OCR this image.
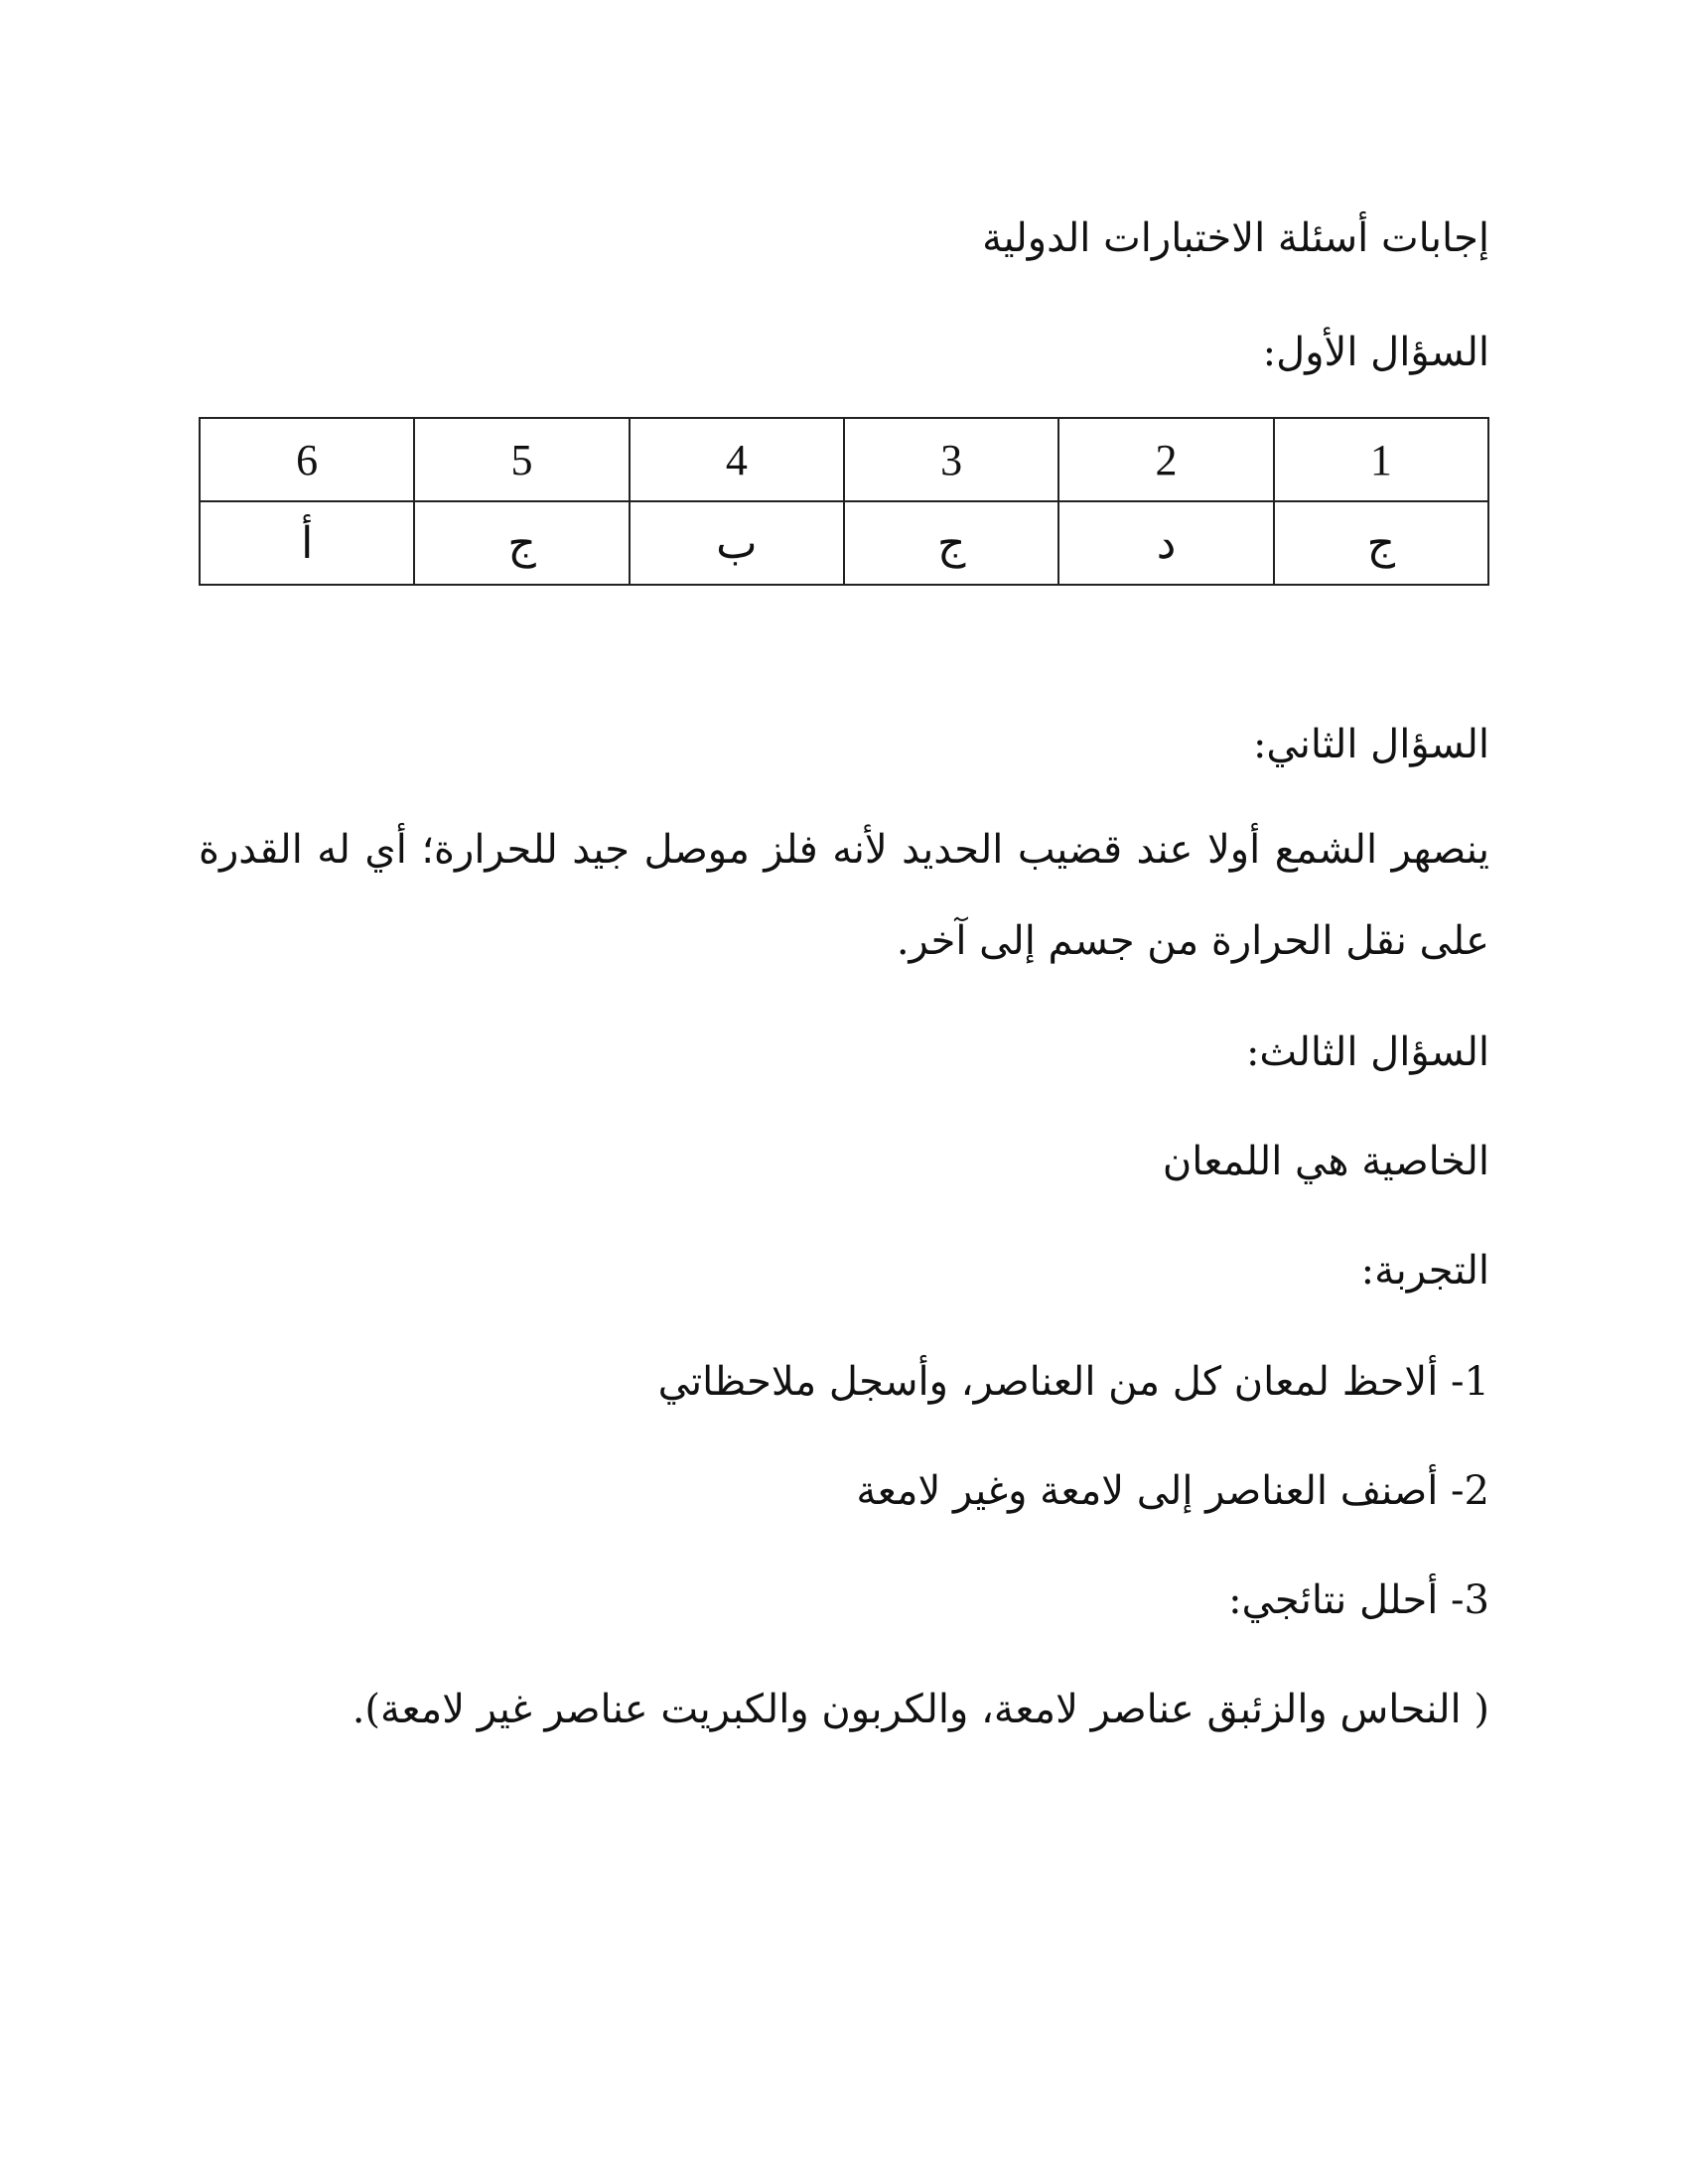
إجابات أسئلة الاختبارات الدولية
السؤال الأول:
1	2	3	4	5	6
ج	د	ج	ب	ج	أ
السؤال الثاني:
ينصهر الشمع أولا عند قضيب الحديد لأنه فلز موصل جيد للحرارة؛ أي له القدرة على نقل الحرارة من جسم إلى آخر.
السؤال الثالث:
الخاصية هي اللمعان
التجربة:
1- ألاحظ لمعان كل من العناصر، وأسجل ملاحظاتي
2- أصنف العناصر إلى لامعة وغير لامعة
3- أحلل نتائجي:
( النحاس والزئبق عناصر لامعة، والكربون والكبريت عناصر غير لامعة).
